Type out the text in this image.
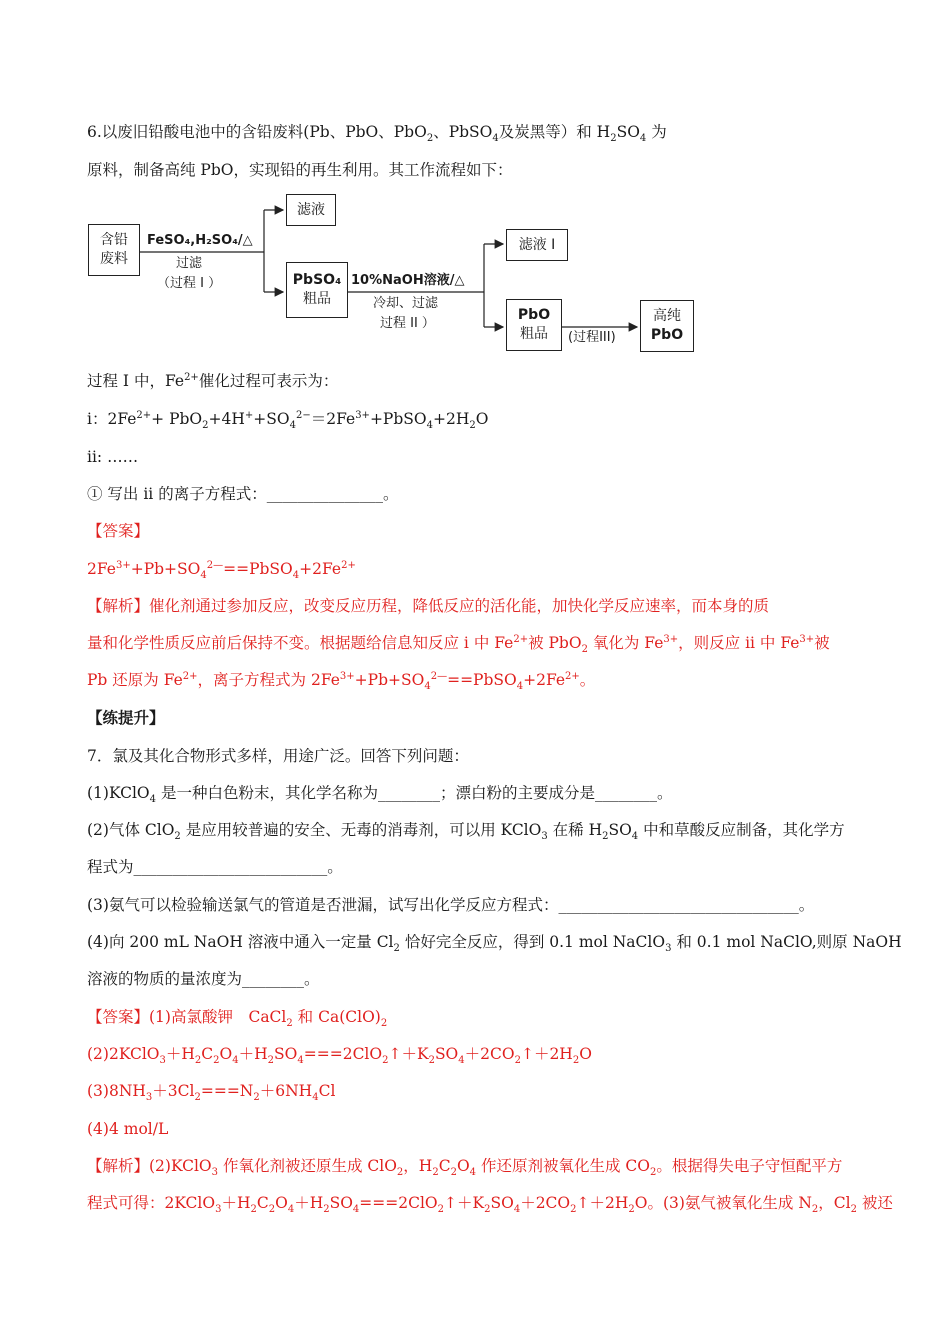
6.以废旧铅酸电池中的含铅废料(Pb、PbO、PbO$_2$、PbSO$_4$及炭黑等）和 $H_2SO_4$ 为
原料，制备高纯 PbO，实现铅的再生利用。其工作流程如下：
含铅
废料
FeSO₄,H₂SO₄/△
过滤
（过程 I ）
滤液
PbSO₄
粗品
10%NaOH溶液/△
冷却、过滤
过程 II ）
滤液 I
PbO
粗品 (过程III)
高纯
PbO
过程 I 中，$Fe^{2+}$催化过程可表示为：
i：$2Fe^{2+}+$ $PbO_2+4H^++SO_4^{2-}=2Fe^{3+}+PbSO_4+2H_2O$
ii: ……
① 写出 ii 的离子方程式：_______________。
【答案】
$2Fe^{3+}+Pb+SO_4^{2—}==PbSO_4+2Fe^{2+}$
【解析】催化剂通过参加反应，改变反应历程，降低反应的活化能，加快化学反应速率，而本身的质
量和化学性质反应前后保持不变。根据题给信息知反应 i 中 $Fe^{2+}$被 PbO$_2$ 氧化为 $Fe^{3+}$，则反应 ii 中 $Fe^{3+}$被
Pb 还原为 $Fe^{2+}$，离子方程式为 $2Fe^{3+}+Pb+SO_4^{2—}==PbSO_4+2Fe^{2+}$。
【练提升】
7．氯及其化合物形式多样，用途广泛。回答下列问题：
(1)KClO$_4$ 是一种白色粉末，其化学名称为________；漂白粉的主要成分是________。
(2)气体 ClO$_2$ 是应用较普遍的安全、无毒的消毒剂，可以用 KClO$_3$ 在稀 $H_2SO_4$ 中和草酸反应制备，其化学方
程式为_________________________。
(3)氨气可以检验输送氯气的管道是否泄漏，试写出化学反应方程式：_______________________________。
(4)向 200 mL NaOH 溶液中通入一定量 $Cl_2$ 恰好完全反应，得到 0.1 mol NaClO$_3$ 和 0.1 mol NaClO,则原 NaOH
溶液的物质的量浓度为________。
【答案】(1)高氯酸钾　CaCl$_2$ 和 $Ca(ClO)_2$
$(2)2KClO_3+H_2C_2O_4+H_2SO_4===2ClO_2↑+K_2SO_4+2CO_2↑+2H_2O$
$(3)8NH_3+3Cl_2===N_2+6NH_4Cl$
(4)4 mol/L
【解析】(2)KClO$_3$ 作氧化剂被还原生成 ClO$_2$，$H_2C_2O_4$ 作还原剂被氧化生成 $CO_2$。根据得失电子守恒配平方
程式可得：$2KClO_3+H_2C_2O_4+H_2SO_4===2ClO_2↑+K_2SO_4+2CO_2↑+2H_2O$。(3)氨气被氧化生成 $N_2$，$Cl_2$ 被还
